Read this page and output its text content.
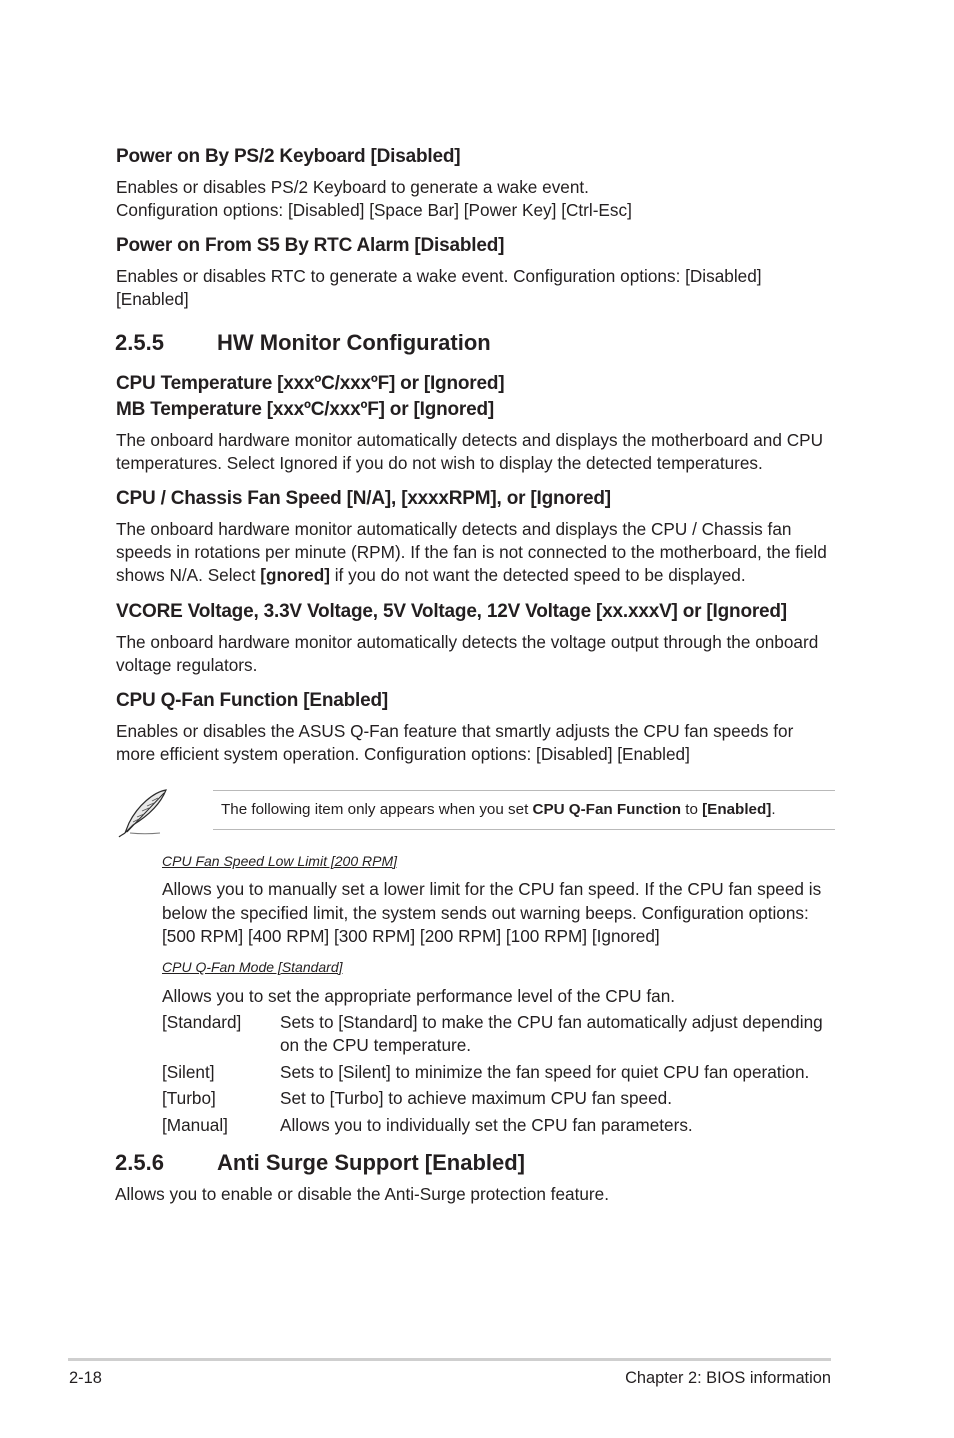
Power on By PS/2 Keyboard [Disabled]
Enables or disables PS/2 Keyboard to generate a wake event.
Configuration options: [Disabled] [Space Bar] [Power Key] [Ctrl-Esc]
Power on From S5 By RTC Alarm [Disabled]
Enables or disables RTC to generate a wake event. Configuration options: [Disabled]
[Enabled]
2.5.5 HW Monitor Configuration
CPU Temperature [xxxºC/xxxºF] or [Ignored]
MB Temperature [xxxºC/xxxºF] or [Ignored]
The onboard hardware monitor automatically detects and displays the motherboard and CPU
temperatures. Select Ignored if you do not wish to display the detected temperatures.
CPU / Chassis Fan Speed [N/A], [xxxxRPM], or [Ignored]
The onboard hardware monitor automatically detects and displays the CPU / Chassis fan
speeds in rotations per minute (RPM). If the fan is not connected to the motherboard, the field
shows N/A. Select [gnored] if you do not want the detected speed to be displayed.
VCORE Voltage, 3.3V Voltage, 5V Voltage, 12V Voltage [xx.xxxV] or [Ignored]
The onboard hardware monitor automatically detects the voltage output through the onboard
voltage regulators.
CPU Q-Fan Function [Enabled]
Enables or disables the ASUS Q-Fan feature that smartly adjusts the CPU fan speeds for
more efficient system operation. Configuration options: [Disabled] [Enabled]
The following item only appears when you set CPU Q-Fan Function to [Enabled].
CPU Fan Speed Low Limit [200 RPM]
Allows you to manually set a lower limit for the CPU fan speed. If the CPU fan speed is
below the specified limit, the system sends out warning beeps. Configuration options:
[500 RPM] [400 RPM] [300 RPM] [200 RPM] [100 RPM] [Ignored]
CPU Q-Fan Mode [Standard]
Allows you to set the appropriate performance level of the CPU fan.
[Standard] Sets to [Standard] to make the CPU fan automatically adjust depending
on the CPU temperature.
[Silent]	Sets to [Silent] to minimize the fan speed for quiet CPU fan operation.
[Turbo]	Set to [Turbo] to achieve maximum CPU fan speed.
[Manual]	Allows you to individually set the CPU fan parameters.
2.5.6 Anti Surge Support [Enabled]
Allows you to enable or disable the Anti-Surge protection feature.
2-18	Chapter 2: BIOS information
